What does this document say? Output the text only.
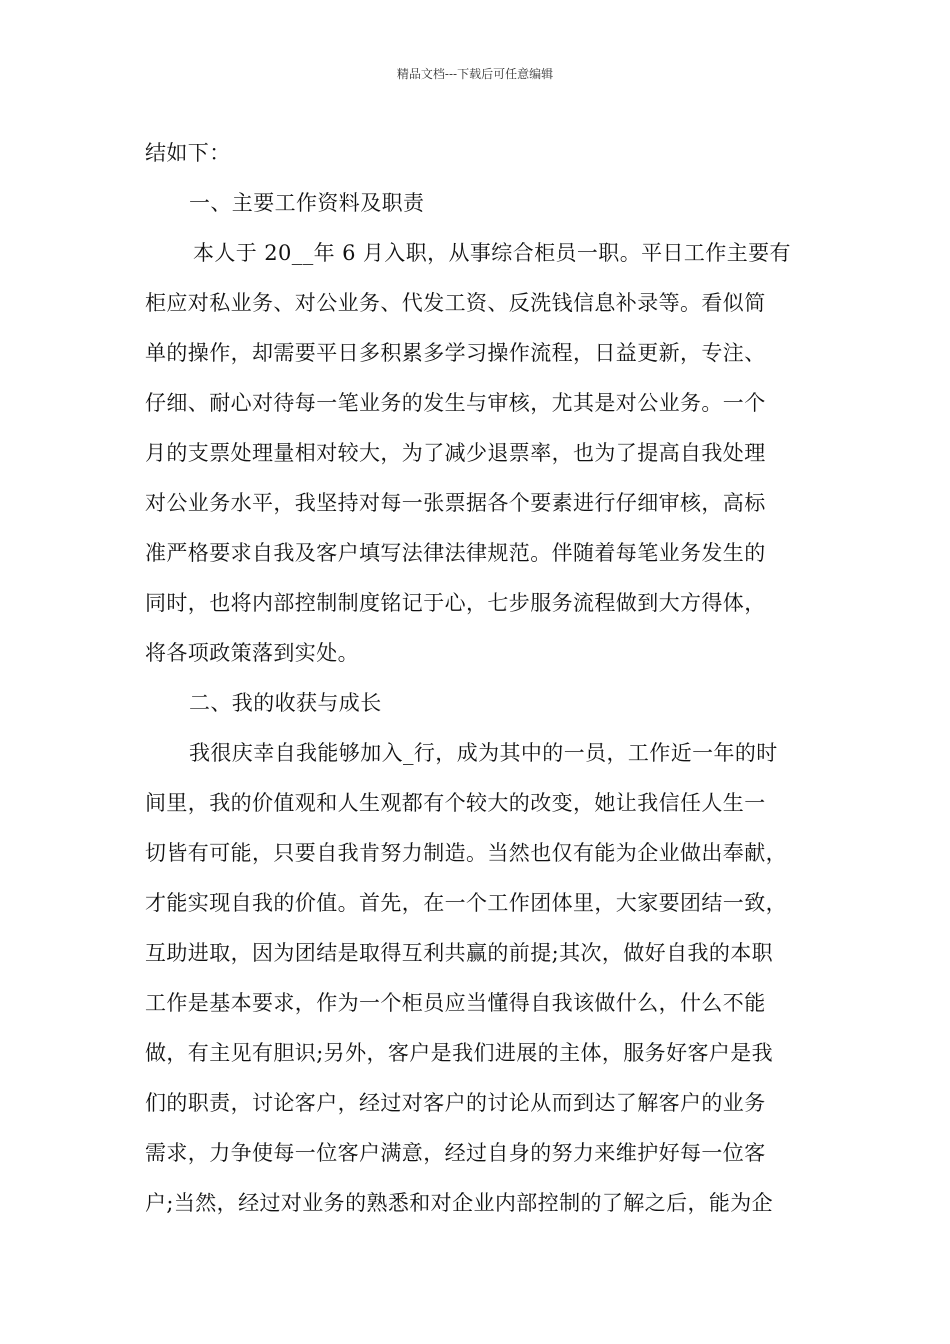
精品文档---下载后可任意编辑
结如下：
一、主要工作资料及职责
本人于 20__年 6 月入职，从事综合柜员一职。平日工作主要有
柜应对私业务、对公业务、代发工资、反洗钱信息补录等。看似简
单的操作，却需要平日多积累多学习操作流程，日益更新，专注、
仔细、耐心对待每一笔业务的发生与审核，尤其是对公业务。一个
月的支票处理量相对较大，为了减少退票率，也为了提高自我处理
对公业务水平，我坚持对每一张票据各个要素进行仔细审核，高标
准严格要求自我及客户填写法律法律规范。伴随着每笔业务发生的
同时，也将内部控制制度铭记于心，七步服务流程做到大方得体，
将各项政策落到实处。
二、我的收获与成长
我很庆幸自我能够加入_行，成为其中的一员，工作近一年的时
间里，我的价值观和人生观都有个较大的改变，她让我信任人生一
切皆有可能，只要自我肯努力制造。当然也仅有能为企业做出奉献，
才能实现自我的价值。首先，在一个工作团体里，大家要团结一致，
互助进取，因为团结是取得互利共赢的前提;其次，做好自我的本职
工作是基本要求，作为一个柜员应当懂得自我该做什么，什么不能
做，有主见有胆识;另外，客户是我们进展的主体，服务好客户是我
们的职责，讨论客户，经过对客户的讨论从而到达了解客户的业务
需求，力争使每一位客户满意，经过自身的努力来维护好每一位客
户;当然，经过对业务的熟悉和对企业内部控制的了解之后，能为企
